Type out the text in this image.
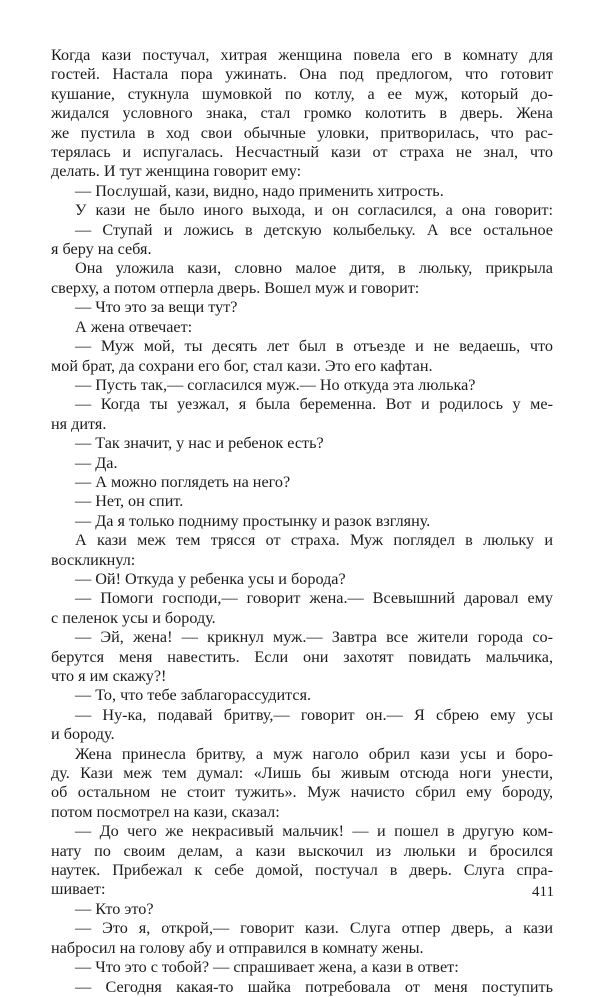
Когда кази постучал, хитрая женщина повела его в комнату для
гостей. Настала пора ужинать. Она под предлогом, что готовит
кушание, стукнула шумовкой по котлу, а ее муж, который до-
жидался условного знака, стал громко колотить в дверь. Жена
же пустила в ход свои обычные уловки, притворилась, что рас-
терялась и испугалась. Несчастный кази от страха не знал, что
делать. И тут женщина говорит ему:
— Послушай, кази, видно, надо применить хитрость.
У кази не было иного выхода, и он согласился, а она говорит:
— Ступай и ложись в детскую колыбельку. А все остальное
я беру на себя.
Она уложила кази, словно малое дитя, в люльку, прикрыла
сверху, а потом отперла дверь. Вошел муж и говорит:
— Что это за вещи тут?
А жена отвечает:
— Муж мой, ты десять лет был в отъезде и не ведаешь, что
мой брат, да сохрани его бог, стал кази. Это его кафтан.
— Пусть так,— согласился муж.— Но откуда эта люлька?
— Когда ты уезжал, я была беременна. Вот и родилось у ме-
ня дитя.
— Так значит, у нас и ребенок есть?
— Да.
— А можно поглядеть на него?
— Нет, он спит.
— Да я только подниму простынку и разок взгляну.
А кази меж тем трясся от страха. Муж поглядел в люльку и
воскликнул:
— Ой! Откуда у ребенка усы и борода?
— Помоги господи,— говорит жена.— Всевышний даровал ему
с пеленок усы и бороду.
— Эй, жена! — крикнул муж.— Завтра все жители города со-
берутся меня навестить. Если они захотят повидать мальчика,
что я им скажу?!
— То, что тебе заблагорассудится.
— Ну-ка, подавай бритву,— говорит он.— Я сбрею ему усы
и бороду.
Жена принесла бритву, а муж наголо обрил кази усы и боро-
ду. Кази меж тем думал: «Лишь бы живым отсюда ноги унести,
об остальном не стоит тужить». Муж начисто сбрил ему бороду,
потом посмотрел на кази, сказал:
— До чего же некрасивый мальчик! — и пошел в другую ком-
нату по своим делам, а кази выскочил из люльки и бросился
наутек. Прибежал к себе домой, постучал в дверь. Слуга спра-
шивает:
— Кто это?
— Это я, открой,— говорит кази. Слуга отпер дверь, а кази
набросил на голову абу и отправился в комнату жены.
— Что это с тобой? — спрашивает жена, а кази в ответ:
— Сегодня какая-то шайка потребовала от меня поступить
411
